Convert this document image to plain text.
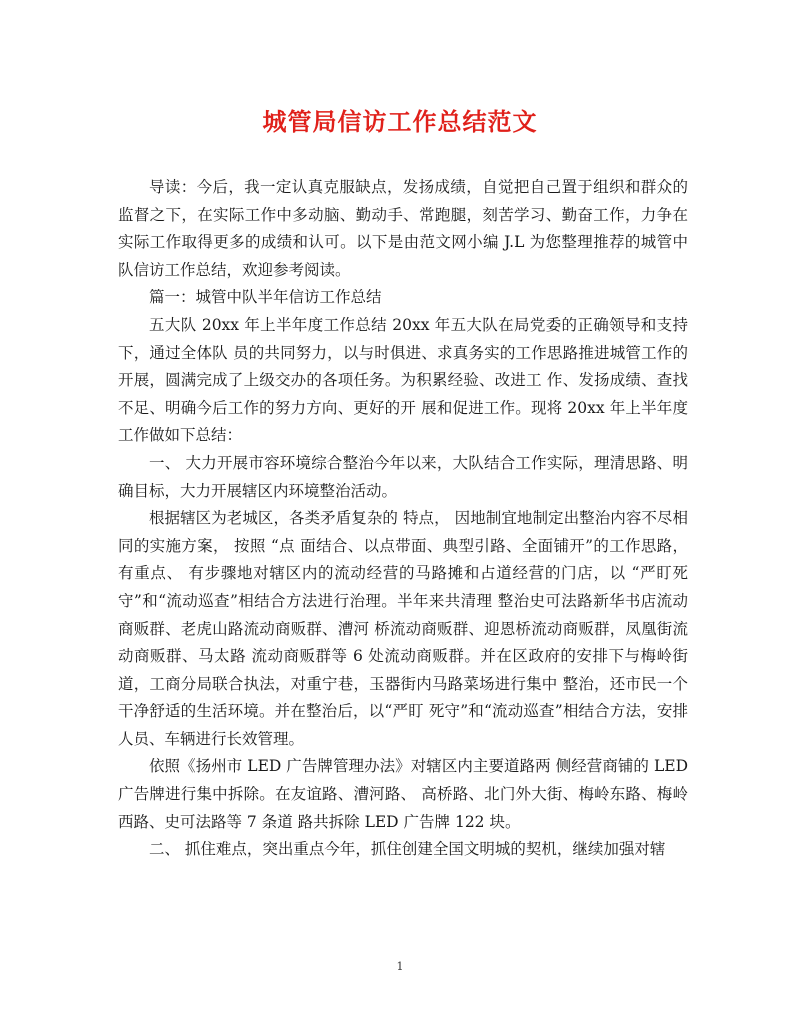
城管局信访工作总结范文

导读：今后，我一定认真克服缺点，发扬成绩，自觉把自己置于组织和群众的监督之下，在实际工作中多动脑、勤动手、常跑腿，刻苦学习、勤奋工作，力争在实际工作取得更多的成绩和认可。以下是由范文网小编 J.L 为您整理推荐的城管中队信访工作总结，欢迎参考阅读。

篇一：城管中队半年信访工作总结

五大队 20xx 年上半年度工作总结 20xx 年五大队在局党委的正确领导和支持下，通过全体队 员的共同努力，以与时俱进、求真务实的工作思路推进城管工作的开展，圆满完成了上级交办的各项任务。为积累经验、改进工 作、发扬成绩、查找不足、明确今后工作的努力方向、更好的开 展和促进工作。现将 20xx 年上半年度工作做如下总结：

一、 大力开展市容环境综合整治今年以来，大队结合工作实际，理清思路、明确目标，大力开展辖区内环境整治活动。

根据辖区为老城区，各类矛盾复杂的 特点， 因地制宜地制定出整治内容不尽相同的实施方案， 按照 “点 面结合、以点带面、典型引路、全面铺开”的工作思路，有重点、 有步骤地对辖区内的流动经营的马路摊和占道经营的门店，以 “严盯死守”和“流动巡查”相结合方法进行治理。半年来共清理 整治史可法路新华书店流动商贩群、老虎山路流动商贩群、漕河 桥流动商贩群、迎恩桥流动商贩群，凤凰街流动商贩群、马太路 流动商贩群等 6 处流动商贩群。并在区政府的安排下与梅岭街 道，工商分局联合执法，对重宁巷，玉器街内马路菜场进行集中 整治，还市民一个干净舒适的生活环境。并在整治后，以“严盯 死守”和“流动巡查”相结合方法，安排人员、车辆进行长效管理。

依照《扬州市 LED 广告牌管理办法》对辖区内主要道路两 侧经营商铺的 LED 广告牌进行集中拆除。在友谊路、漕河路、 高桥路、北门外大街、梅岭东路、梅岭西路、史可法路等 7 条道 路共拆除 LED 广告牌 122 块。

二、 抓住难点，突出重点今年，抓住创建全国文明城的契机，继续加强对辖

1
